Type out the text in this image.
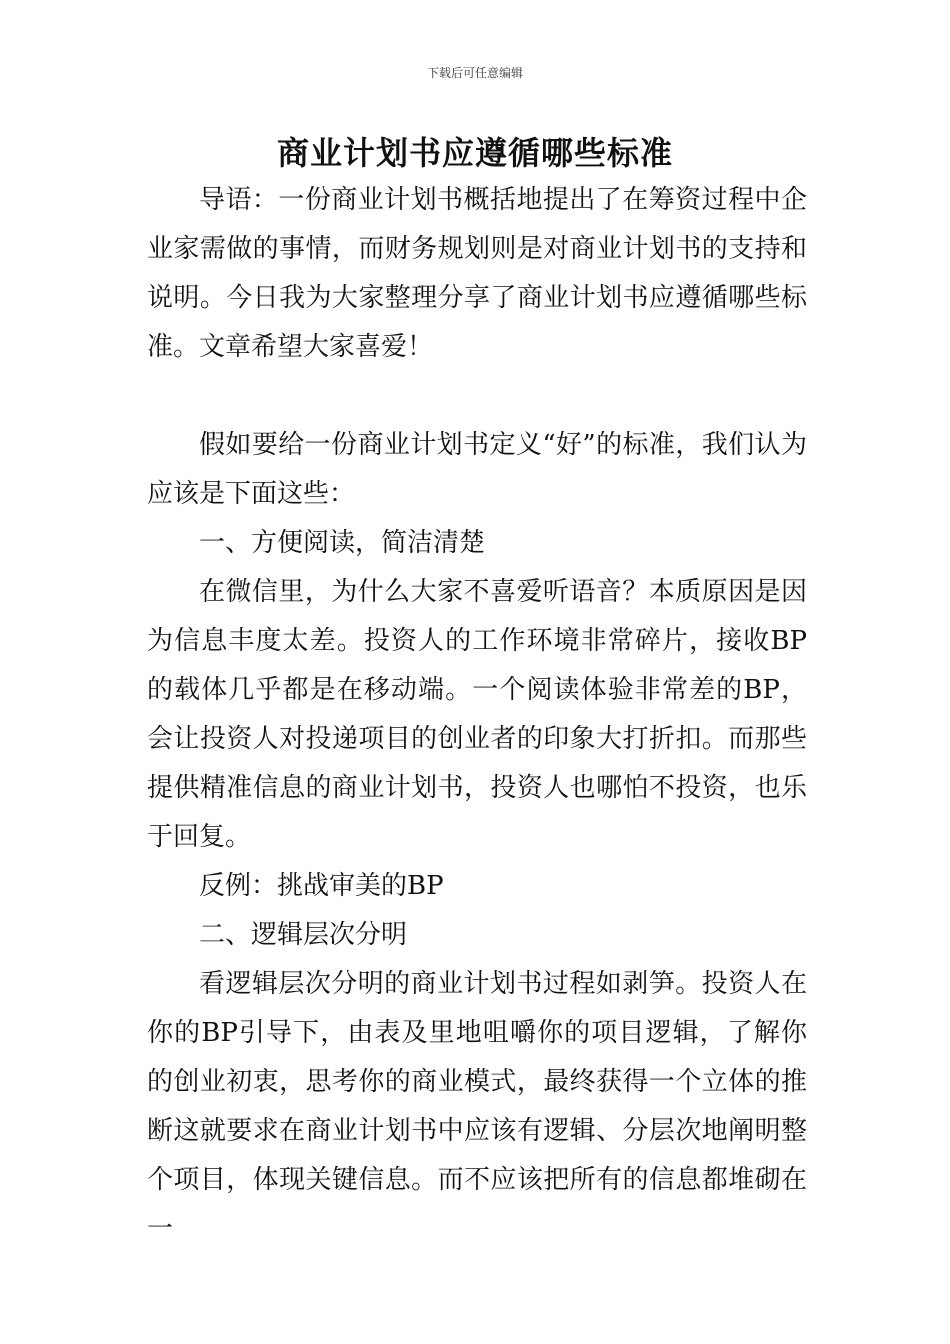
下载后可任意编辑
商业计划书应遵循哪些标准

导语：一份商业计划书概括地提出了在筹资过程中企业家需做的事情，而财务规划则是对商业计划书的支持和说明。今日我为大家整理分享了商业计划书应遵循哪些标准。文章希望大家喜爱！

假如要给一份商业计划书定义“好”的标准，我们认为应该是下面这些：

一、方便阅读，简洁清楚

在微信里，为什么大家不喜爱听语音？本质原因是因为信息丰度太差。投资人的工作环境非常碎片，接收BP的载体几乎都是在移动端。一个阅读体验非常差的BP，会让投资人对投递项目的创业者的印象大打折扣。而那些提供精准信息的商业计划书，投资人也哪怕不投资，也乐于回复。

反例：挑战审美的BP

二、逻辑层次分明

看逻辑层次分明的商业计划书过程如剥笋。投资人在你的BP引导下，由表及里地咀嚼你的项目逻辑，了解你的创业初衷，思考你的商业模式，最终获得一个立体的推断这就要求在商业计划书中应该有逻辑、分层次地阐明整个项目，体现关键信息。而不应该把所有的信息都堆砌在一
